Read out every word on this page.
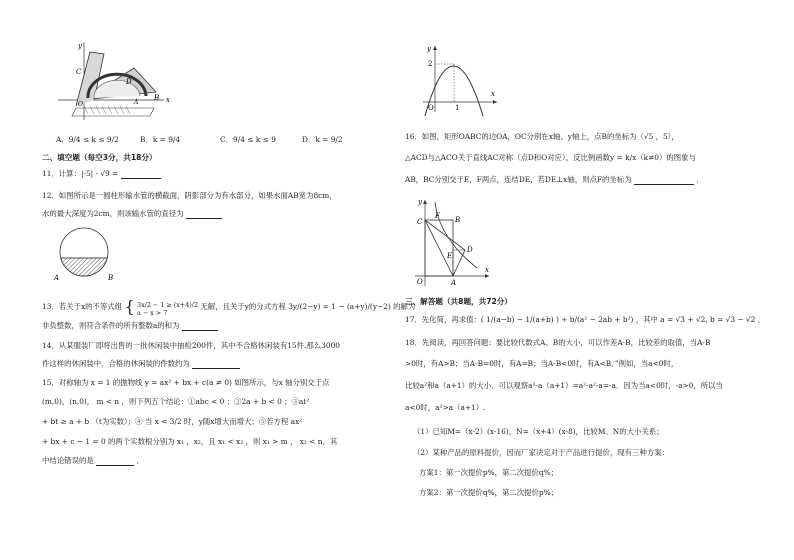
y
C
D
B
A
O
x
A．9/4 ≤ k ≤ 9/2	B．k = 9/4	C．9/4 ≤ k ≤ 9	D．k = 9/2
二、填空题（每空3分，共18分）
11．计算：|-5| - √9 =
12．如图所示是一圆柱形输水管的横截面，阴影部分为有水部分，如果水面AB宽为8cm，
水的最大深度为2cm，则该输水管的直径为
A	B
13．若关于x的不等式组 { 3x/2 − 1 ≥ (x+4)/2
a − x > 7
无解，且关于y的分式方程 3y/(2−y) = 1 − (a+y)/(y−2) 的解为
非负整数，则符合条件的所有整数a的和为
14．从某服装厂即将出售的一批休闲装中抽检200件，其中不合格休闲装有15件.那么3000
件这样的休闲装中，合格的休闲装的件数约为
15．对称轴为 x = 1 的抛物线 y = ax² + bx + c(a ≠ 0) 如图所示，与x 轴分别交于点
(m,0)，(n,0)， m < n ，则下列五个结论：①abc < 0 ；②2a + b < 0 ；③at²
+ bt ≥ a + b （t为实数）；④ 当 x < 3/2 时，y随x增大而增大；⑤若方程 ax²
+ bx + c − 1 = 0 的两个实数根分别为 x₁ ，x₂，且 x₁ < x₂ ，则 x₁ > m ， x₂ < n．其
中结论错误的是	．
y
2
O	1
x
16．如图，矩形OABC的边OA，OC分别在x轴、y轴上，点B的坐标为（√5 ，5），
△ACD与△ACO关于直线AC对称（点D和O对应），反比例函数y = k/x（k≠0）的图象与
AB，BC分别交于E，F两点，连结DE，若DE⊥x轴，则点F的坐标为	．
y
C
F B
D
E
O	A
x
三、解答题（共8题，共72分）
17．先化简，再求值：( 1/(a−b) − 1/(a+b) ) ÷ b/(a² − 2ab + b²) ，其中 a = √3 + √2, b = √3 − √2 ．
18．先阅读，再回答问题：要比较代数式A、B的大小，可以作差A-B，比较差的取值，当A-B
>0时，有A>B；当A-B=0时，有A=B；当A-B<0时，有A<B．”例如，当a<0时，
比较a²和a（a+1）的大小．可以观察a²-a（a+1）=a²-a²-a=-a．因为当a<0时，-a>0，所以当
a<0时，a²>a（a+1）.
（1）已知M=（x-2）(x-16)，N=（x+4）(x-8)，比较M、N的大小关系；
（2）某种产品的原料提价，因而厂家决定对于产品进行提价，现有三种方案：
方案1：第一次提价p%，第二次提价q%；
方案2：第一次提价q%，第二次提价p%；
